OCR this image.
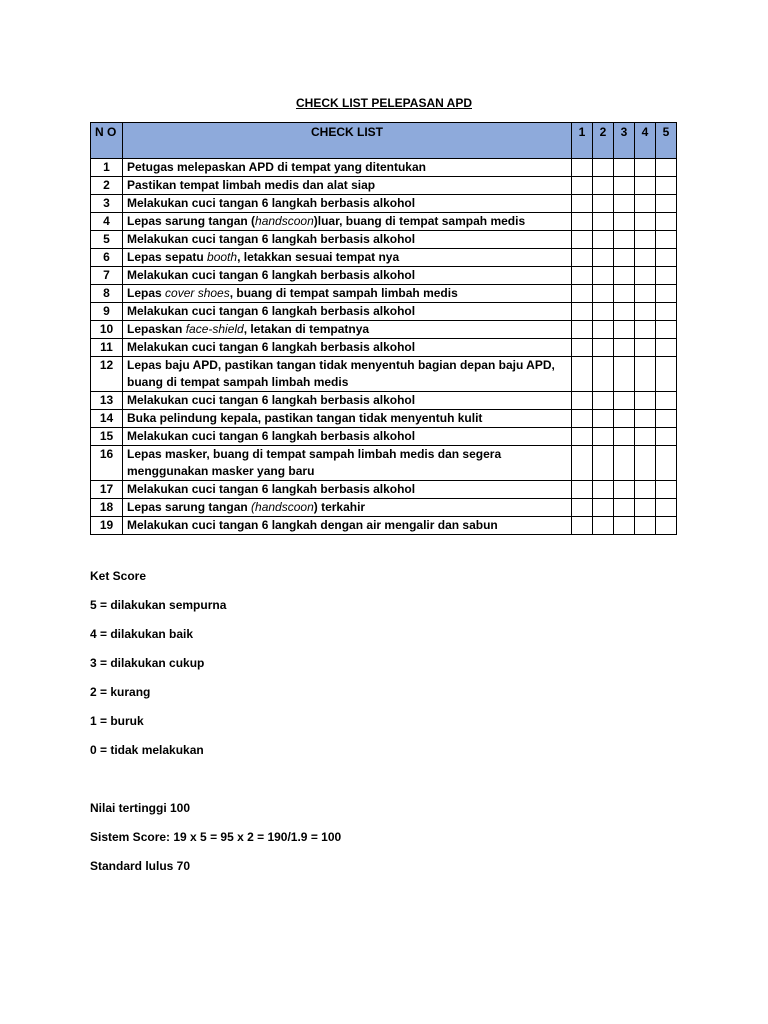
CHECK LIST PELEPASAN APD
N O	CHECK LIST	1	2	3	4	5
1	Petugas melepaskan APD di tempat yang ditentukan					
2	Pastikan tempat limbah medis dan alat siap					
3	Melakukan cuci tangan 6 langkah berbasis alkohol					
4	Lepas sarung tangan (handscoon)luar, buang di tempat sampah medis					
5	Melakukan cuci tangan 6 langkah berbasis alkohol					
6	Lepas sepatu booth, letakkan sesuai tempat nya					
7	Melakukan cuci tangan 6 langkah berbasis alkohol					
8	Lepas cover shoes, buang di tempat sampah limbah medis					
9	Melakukan cuci tangan 6 langkah berbasis alkohol					
10	Lepaskan face-shield, letakan di tempatnya					
11	Melakukan cuci tangan 6 langkah berbasis alkohol					
12	Lepas baju APD, pastikan tangan tidak menyentuh bagian depan baju APD, buang di tempat sampah limbah medis					
13	Melakukan cuci tangan 6 langkah berbasis alkohol					
14	Buka pelindung kepala, pastikan tangan tidak menyentuh kulit					
15	Melakukan cuci tangan 6 langkah berbasis alkohol					
16	Lepas masker, buang di tempat sampah limbah medis dan segera menggunakan masker yang baru					
17	Melakukan cuci tangan 6 langkah berbasis alkohol					
18	Lepas sarung tangan (handscoon) terkahir					
19	Melakukan cuci tangan 6 langkah dengan air mengalir dan sabun					

Ket Score

5 = dilakukan sempurna

4 = dilakukan baik

3 = dilakukan cukup

2 = kurang

1 = buruk

0 = tidak melakukan

Nilai tertinggi 100

Sistem Score: 19 x 5 = 95 x 2 = 190/1.9 = 100

Standard lulus 70
